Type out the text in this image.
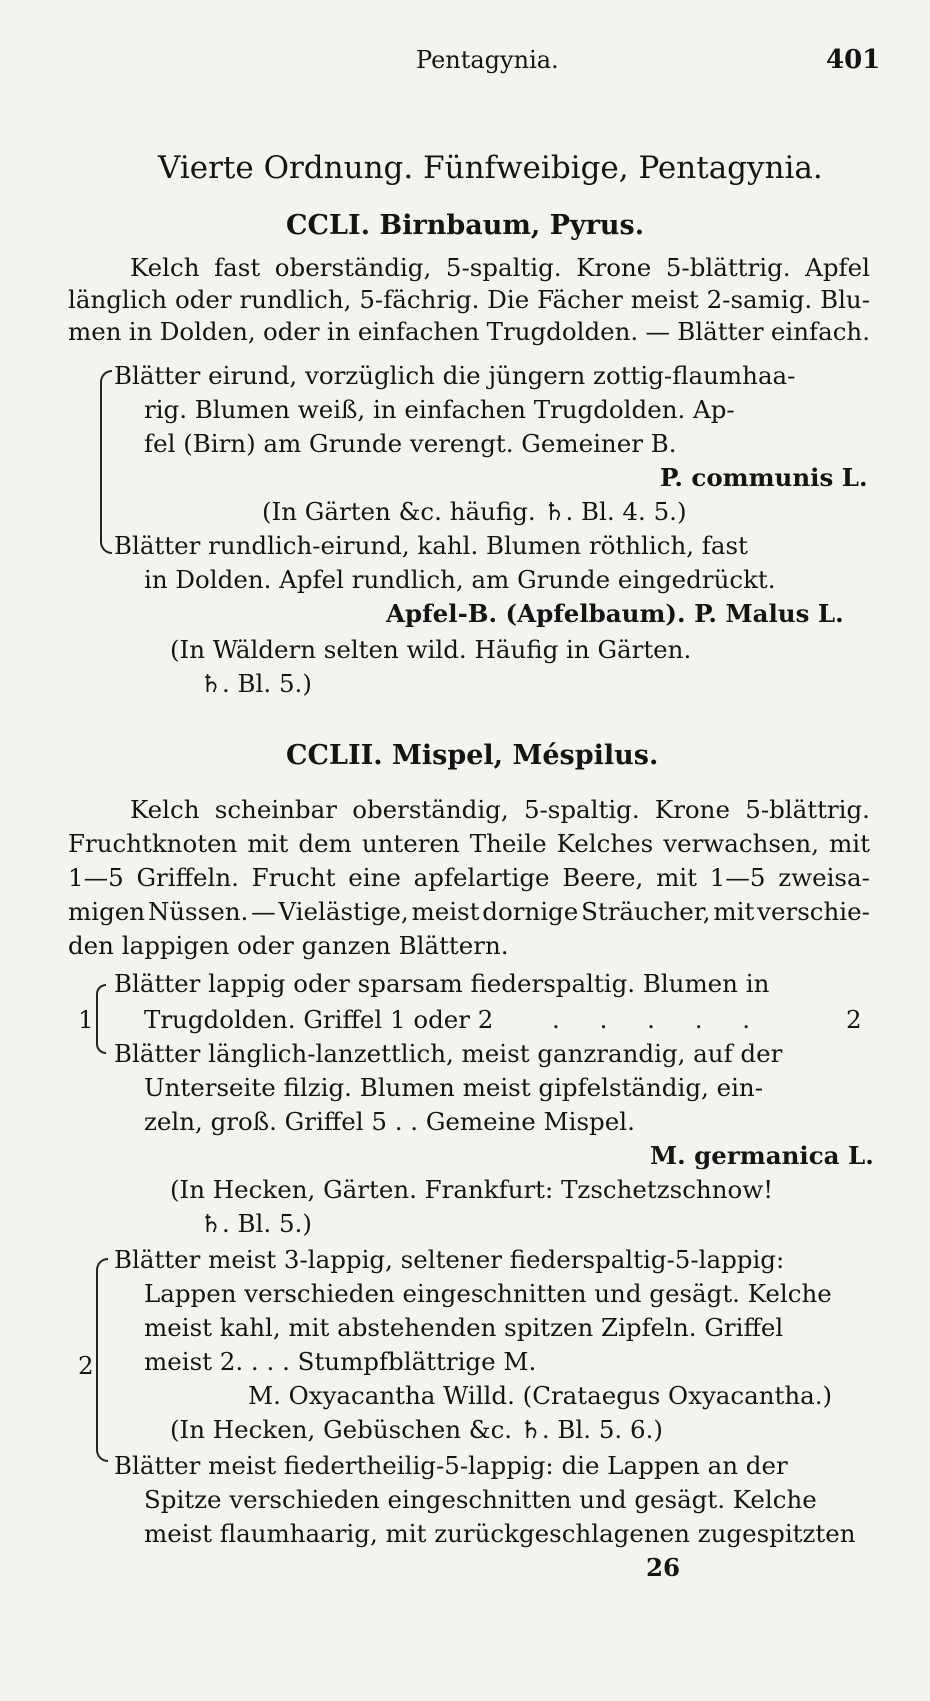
Pentagynia.	401
Vierte Ordnung. Fünfweibige, Pentagynia.
CCLI. Birnbaum, Pyrus.
Kelch fast oberständig, 5-spaltig. Krone 5-blättrig. Apfel
länglich oder rundlich, 5-fächrig. Die Fächer meist 2-samig. Blu-
men in Dolden, oder in einfachen Trugdolden. — Blätter einfach.
Blätter eirund, vorzüglich die jüngern zottig-flaumhaa-
rig. Blumen weiß, in einfachen Trugdolden. Ap-
fel (Birn) am Grunde verengt. Gemeiner B.
P. communis L.
(In Gärten &c. häufig. ♄. Bl. 4. 5.)
Blätter rundlich-eirund, kahl. Blumen röthlich, fast
in Dolden. Apfel rundlich, am Grunde eingedrückt.
Apfel-B. (Apfelbaum). P. Malus L.
(In Wäldern selten wild. Häufig in Gärten.
♄. Bl. 5.)
CCLII. Mispel, Méspilus.
Kelch scheinbar oberständig, 5-spaltig. Krone 5-blättrig.
Fruchtknoten mit dem unteren Theile Kelches verwachsen, mit
1—5 Griffeln. Frucht eine apfelartige Beere, mit 1—5 zweisa-
migen Nüssen. — Vielästige, meist dornige Sträucher, mit verschie-
den lappigen oder ganzen Blättern.
1
Blätter lappig oder sparsam fiederspaltig. Blumen in
Trugdolden. Griffel 1 oder 2 . . . . .	2
Blätter länglich-lanzettlich, meist ganzrandig, auf der
Unterseite filzig. Blumen meist gipfelständig, ein-
zeln, groß. Griffel 5 . . Gemeine Mispel.
M. germanica L.
(In Hecken, Gärten. Frankfurt: Tzschetzschnow!
♄. Bl. 5.)
2
Blätter meist 3-lappig, seltener fiederspaltig-5-lappig:
Lappen verschieden eingeschnitten und gesägt. Kelche
meist kahl, mit abstehenden spitzen Zipfeln. Griffel
meist 2. . . . Stumpfblättrige M.
M. Oxyacantha Willd. (Crataegus Oxyacantha.)
(In Hecken, Gebüschen &c. ♄. Bl. 5. 6.)
Blätter meist fiedertheilig-5-lappig: die Lappen an der
Spitze verschieden eingeschnitten und gesägt. Kelche
meist flaumhaarig, mit zurückgeschlagenen zugespitzten
26
